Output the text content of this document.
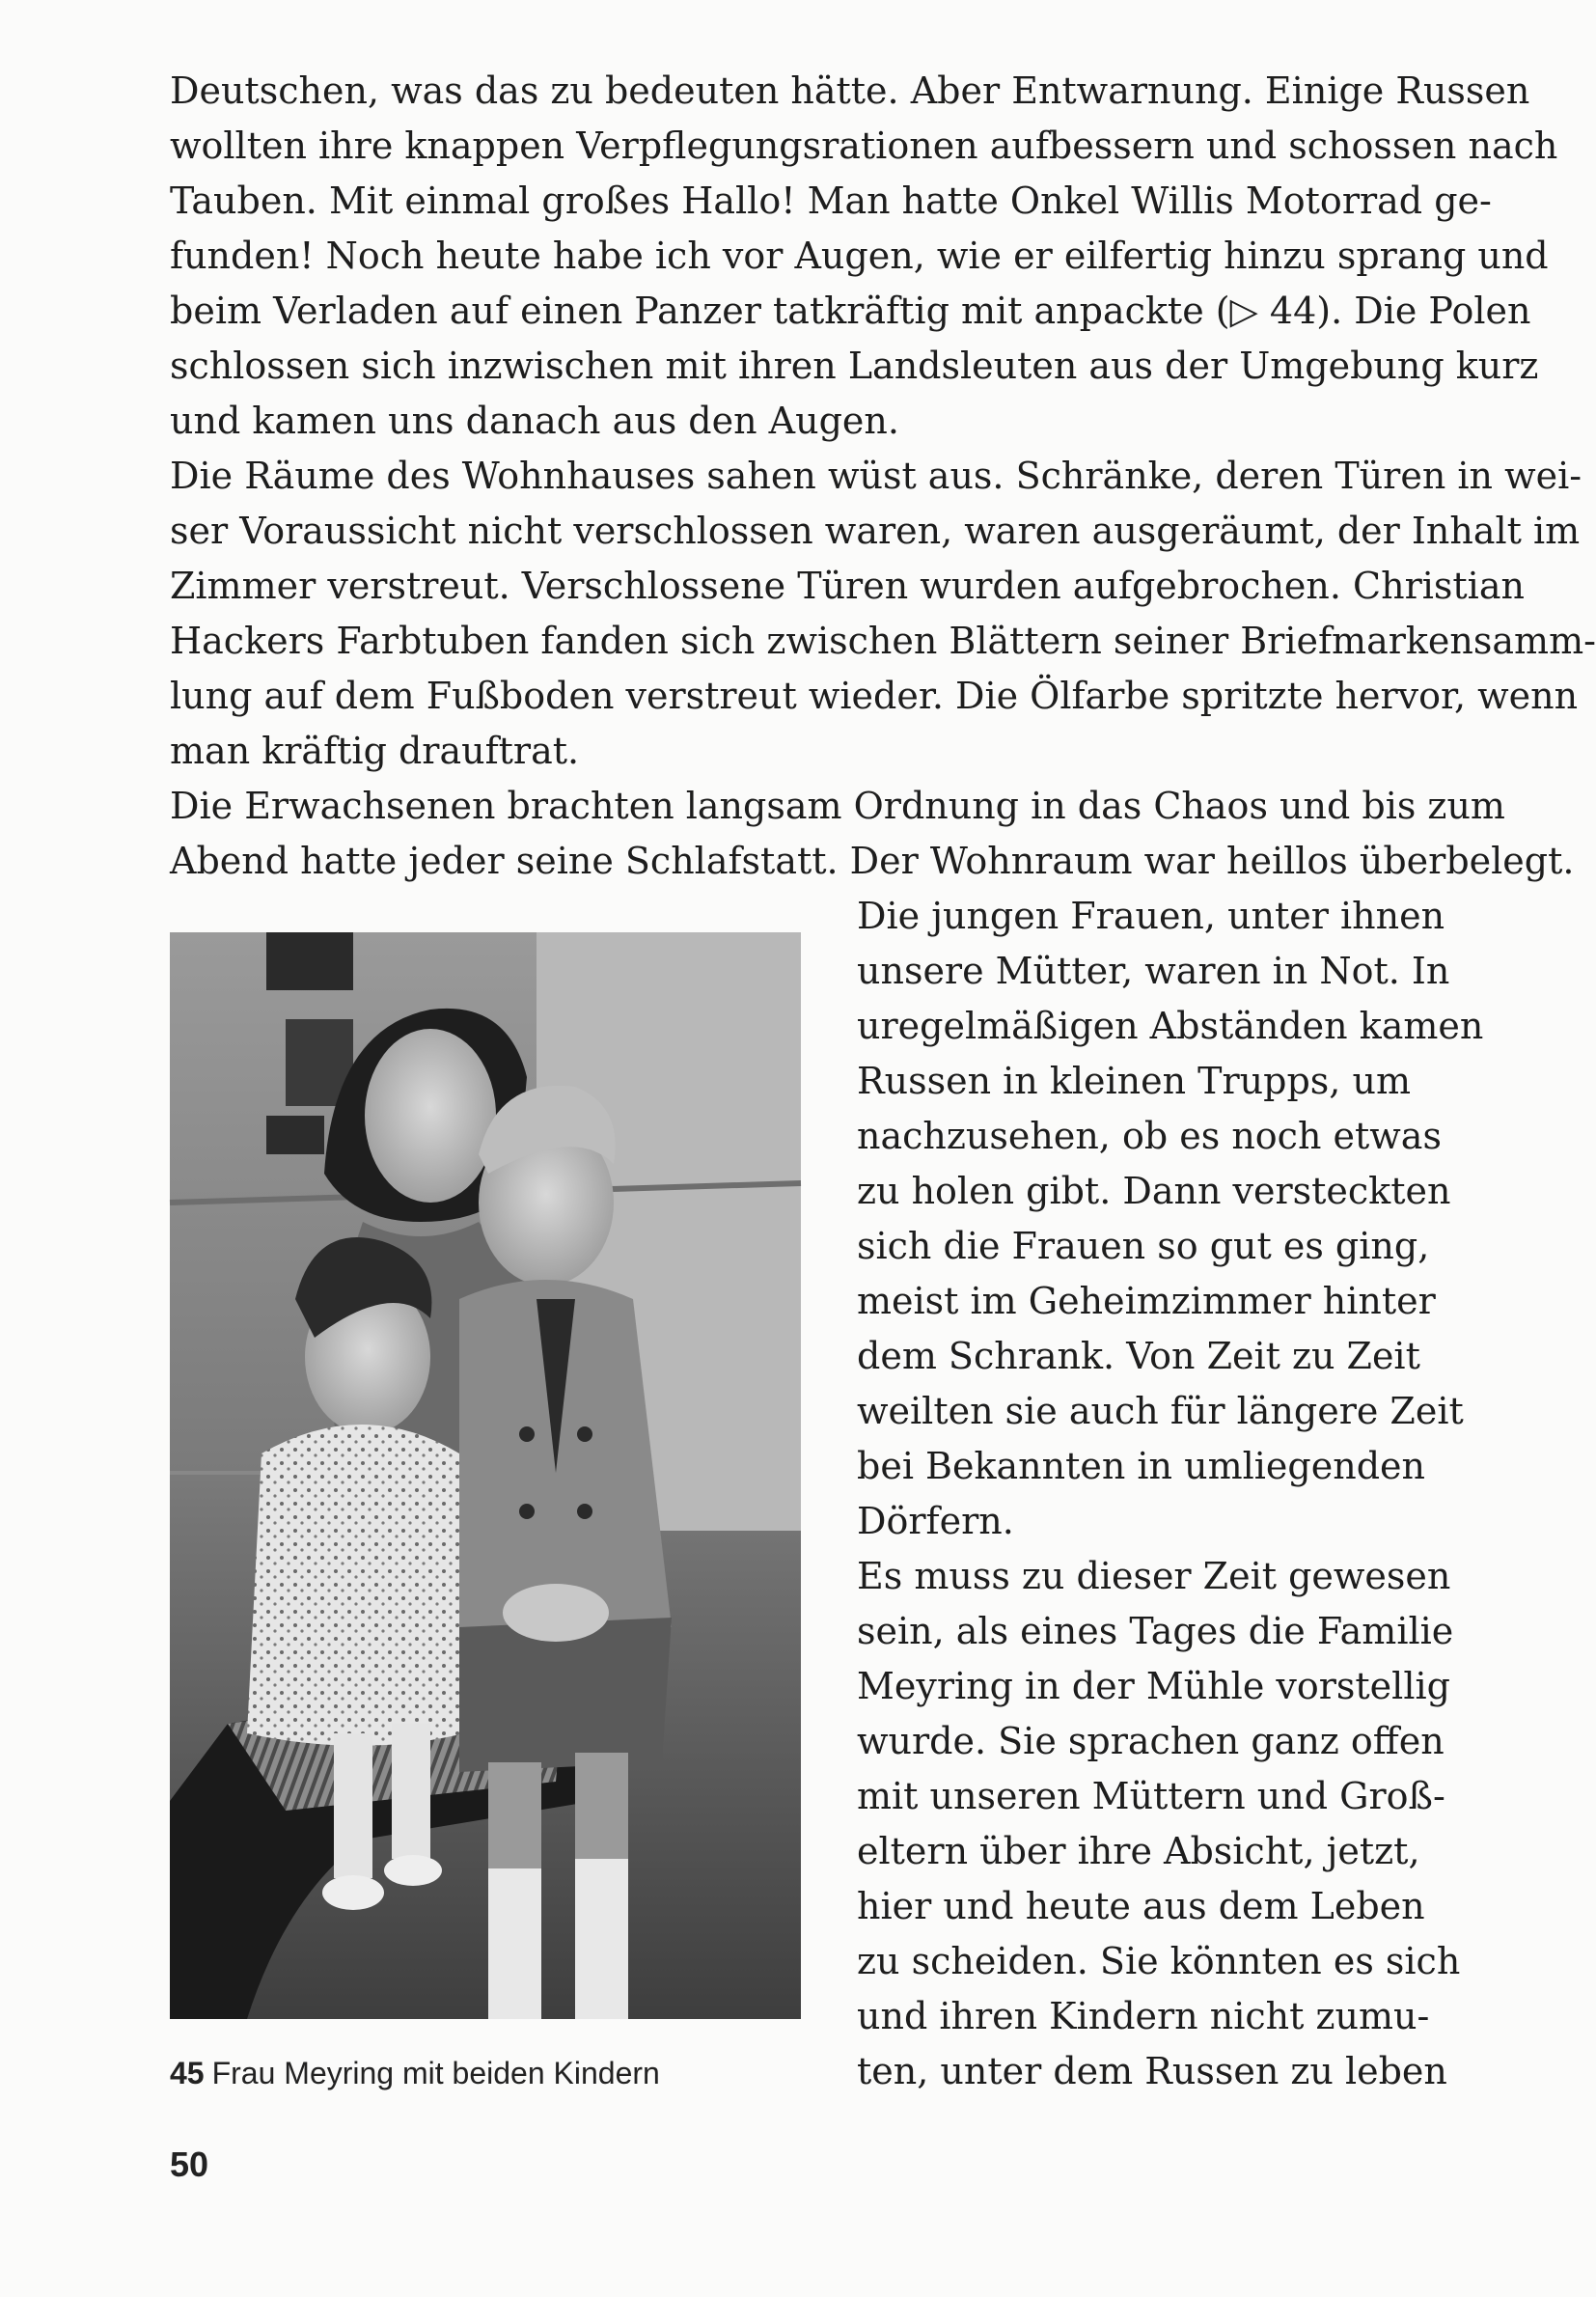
Deutschen, was das zu bedeuten hätte. Aber Entwarnung. Einige Russen

wollten ihre knappen Verpflegungsrationen aufbessern und schossen nach

Tauben. Mit einmal großes Hallo! Man hatte Onkel Willis Motorrad ge-

funden! Noch heute habe ich vor Augen, wie er eilfertig hinzu sprang und

beim Verladen auf einen Panzer tatkräftig mit anpackte (▷ 44). Die Polen

schlossen sich inzwischen mit ihren Landsleuten aus der Umgebung kurz

und kamen uns danach aus den Augen.

Die Räume des Wohnhauses sahen wüst aus. Schränke, deren Türen in wei-

ser Voraussicht nicht verschlossen waren, waren ausgeräumt, der Inhalt im

Zimmer verstreut. Verschlossene Türen wurden aufgebrochen. Christian

Hackers Farbtuben fanden sich zwischen Blättern seiner Briefmarkensamm-

lung auf dem Fußboden verstreut wieder. Die Ölfarbe spritzte hervor, wenn

man kräftig drauftrat.

Die Erwachsenen brachten langsam Ordnung in das Chaos und bis zum

Abend hatte jeder seine Schlafstatt. Der Wohnraum war heillos überbelegt.

Die jungen Frauen, unter ihnen

unsere Mütter, waren in Not. In

uregelmäßigen Abständen kamen

Russen in kleinen Trupps, um

nachzusehen, ob es noch etwas

zu holen gibt. Dann versteckten

sich die Frauen so gut es ging,

meist im Geheimzimmer hinter

dem Schrank. Von Zeit zu Zeit

weilten sie auch für längere Zeit

bei Bekannten in umliegenden

Dörfern.

Es muss zu dieser Zeit gewesen

sein, als eines Tages die Familie

Meyring in der Mühle vorstellig

wurde. Sie sprachen ganz offen

mit unseren Müttern und Groß-

eltern über ihre Absicht, jetzt,

hier und heute aus dem Leben

zu scheiden. Sie könnten es sich

und ihren Kindern nicht zumu-

ten, unter dem Russen zu leben

45 Frau Meyring mit beiden Kindern
50
